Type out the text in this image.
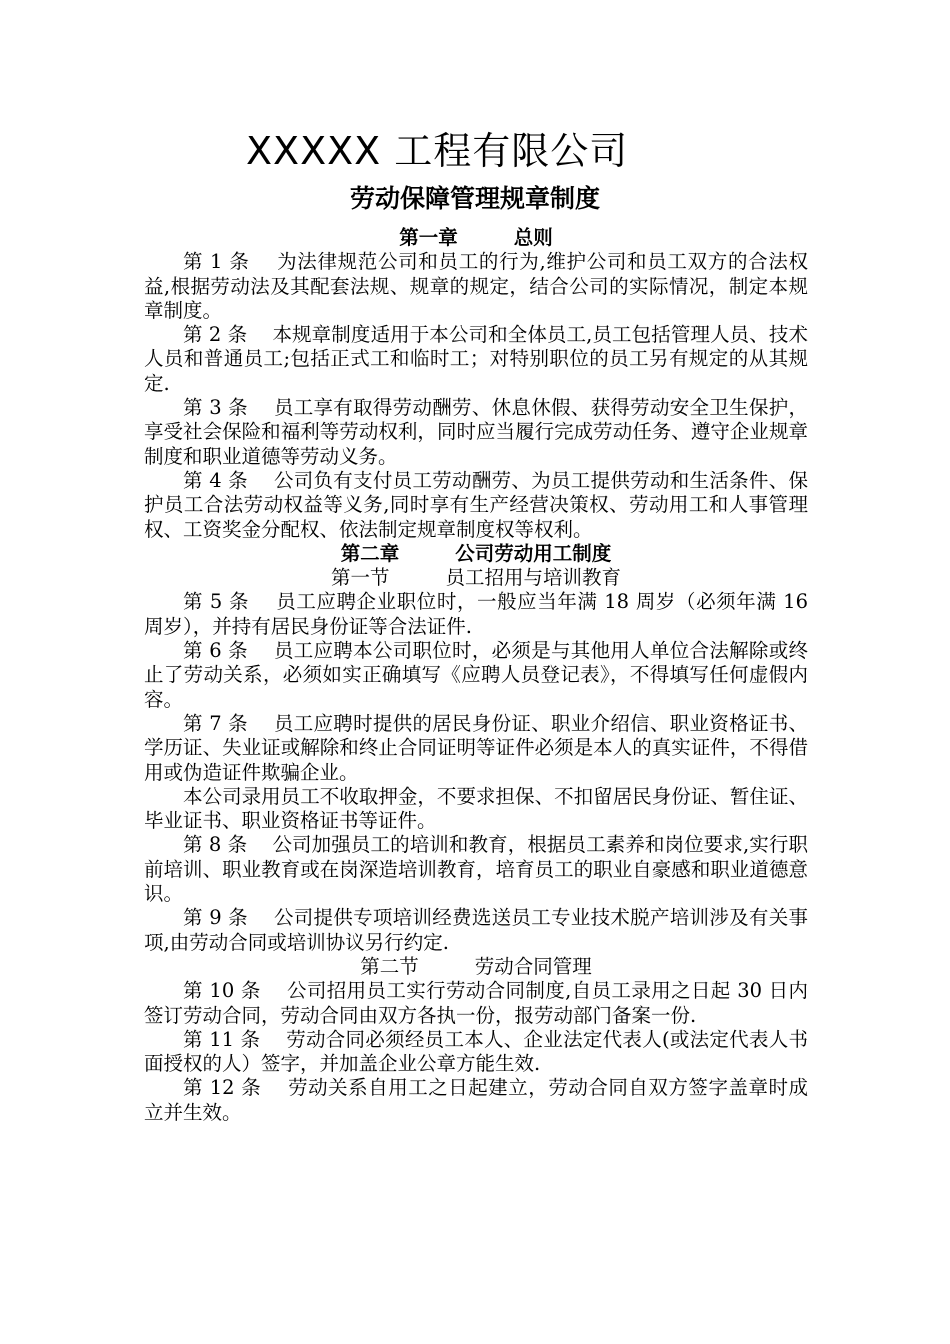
XXXXX 工程有限公司
劳动保障管理规章制度
第一章	总则

第 1 条 为法律规范公司和员工的行为,维护公司和员工双方的合法权益,根据劳动法及其配套法规、规章的规定，结合公司的实际情况，制定本规章制度。

第 2 条 本规章制度适用于本公司和全体员工,员工包括管理人员、技术人员和普通员工;包括正式工和临时工；对特别职位的员工另有规定的从其规定.

第 3 条 员工享有取得劳动酬劳、休息休假、获得劳动安全卫生保护，享受社会保险和福利等劳动权利，同时应当履行完成劳动任务、遵守企业规章制度和职业道德等劳动义务。

第 4 条 公司负有支付员工劳动酬劳、为员工提供劳动和生活条件、保护员工合法劳动权益等义务,同时享有生产经营决策权、劳动用工和人事管理权、工资奖金分配权、依法制定规章制度权等权利。

第二章	公司劳动用工制度
第一节	员工招用与培训教育

第 5 条 员工应聘企业职位时，一般应当年满 18 周岁（必须年满 16 周岁），并持有居民身份证等合法证件.

第 6 条 员工应聘本公司职位时，必须是与其他用人单位合法解除或终止了劳动关系，必须如实正确填写《应聘人员登记表》，不得填写任何虚假内容。

第 7 条 员工应聘时提供的居民身份证、职业介绍信、职业资格证书、学历证、失业证或解除和终止合同证明等证件必须是本人的真实证件，不得借用或伪造证件欺骗企业。

本公司录用员工不收取押金，不要求担保、不扣留居民身份证、暂住证、毕业证书、职业资格证书等证件。

第 8 条 公司加强员工的培训和教育，根据员工素养和岗位要求,实行职前培训、职业教育或在岗深造培训教育，培育员工的职业自豪感和职业道德意识。

第 9 条 公司提供专项培训经费选送员工专业技术脱产培训涉及有关事项,由劳动合同或培训协议另行约定.

第二节	劳动合同管理

第 10 条 公司招用员工实行劳动合同制度,自员工录用之日起 30 日内签订劳动合同，劳动合同由双方各执一份，报劳动部门备案一份.

第 11 条 劳动合同必须经员工本人、企业法定代表人(或法定代表人书面授权的人）签字，并加盖企业公章方能生效.

第 12 条 劳动关系自用工之日起建立，劳动合同自双方签字盖章时成立并生效。
